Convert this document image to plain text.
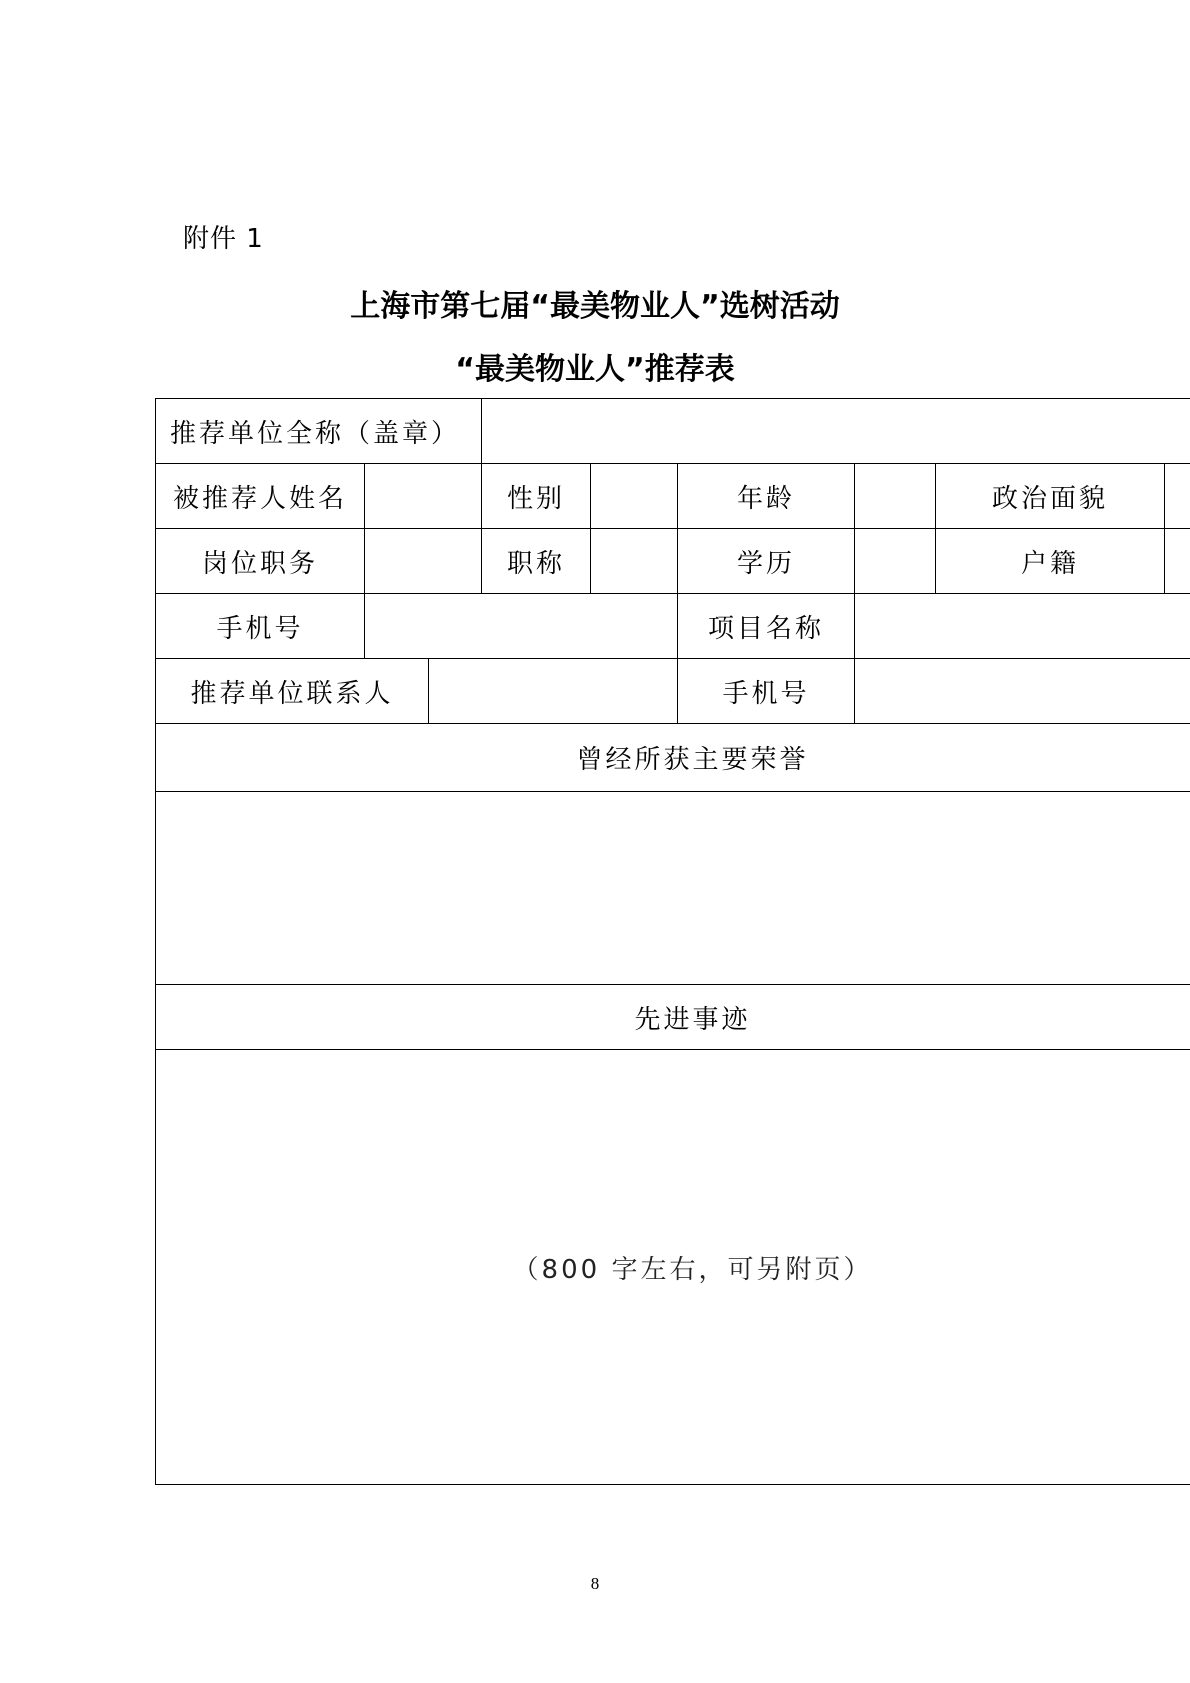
附件 1
上海市第七届“最美物业人”选树活动
“最美物业人”推荐表
推荐单位全称（盖章）								
被推荐人姓名			性别		年龄		政治面貌	
岗位职务			职称		学历		户籍	
手机号					项目名称			
推荐单位联系人					手机号			
曾经所获主要荣誉								

先进事迹								
（800 字左右，可另附页）								
8
